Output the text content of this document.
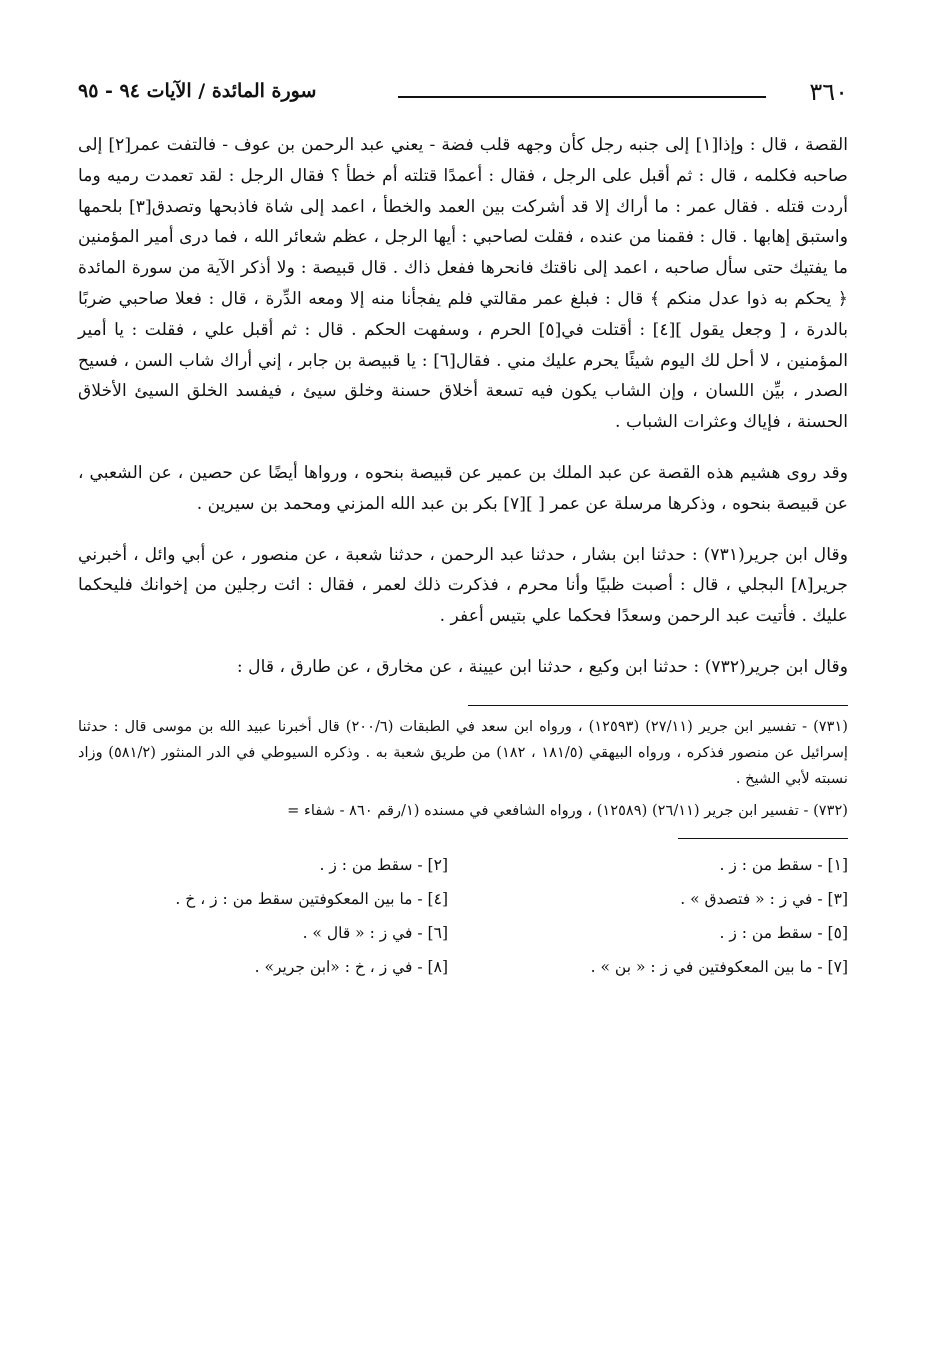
٣٦٠
سورة المائدة / الآيات ٩٤ - ٩٥

القصة ، قال : وإذا[١] إلى جنبه رجل كأن وجهه قلب فضة - يعني عبد الرحمن بن عوف - فالتفت عمر[٢] إلى صاحبه فكلمه ، قال : ثم أقبل على الرجل ، فقال : أعمدًا قتلته أم خطأ ؟ فقال الرجل : لقد تعمدت رميه وما أردت قتله . فقال عمر : ما أراك إلا قد أشركت بين العمد والخطأ ، اعمد إلى شاة فاذبحها وتصدق[٣] بلحمها واستبق إهابها . قال : فقمنا من عنده ، فقلت لصاحبي : أيها الرجل ، عظم شعائر الله ، فما درى أمير المؤمنين ما يفتيك حتى سأل صاحبه ، اعمد إلى ناقتك فانحرها ففعل ذاك . قال قبيصة : ولا أذكر الآية من سورة المائدة ﴿ يحكم به ذوا عدل منكم ﴾ قال : فبلغ عمر مقالتي فلم يفجأنا منه إلا ومعه الدِّرة ، قال : فعلا صاحبي ضربًا بالدرة ، [ وجعل يقول ][٤] : أقتلت في[٥] الحرم ، وسفهت الحكم . قال : ثم أقبل علي ، فقلت : يا أمير المؤمنين ، لا أحل لك اليوم شيئًا يحرم عليك مني . فقال[٦] : يا قبيصة بن جابر ، إني أراك شاب السن ، فسيح الصدر ، بيِّن اللسان ، وإن الشاب يكون فيه تسعة أخلاق حسنة وخلق سيئ ، فيفسد الخلق السيئ الأخلاق الحسنة ، فإياك وعثرات الشباب .

وقد روى هشيم هذه القصة عن عبد الملك بن عمير عن قبيصة بنحوه ، ورواها أيضًا عن حصين ، عن الشعبي ، عن قبيصة بنحوه ، وذكرها مرسلة عن عمر [ ][٧] بكر بن عبد الله المزني ومحمد بن سيرين .

وقال ابن جرير(٧٣١) : حدثنا ابن بشار ، حدثنا عبد الرحمن ، حدثنا شعبة ، عن منصور ، عن أبي وائل ، أخبرني جرير[٨] البجلي ، قال : أصبت ظبيًا وأنا محرم ، فذكرت ذلك لعمر ، فقال : ائت رجلين من إخوانك فليحكما عليك . فأتيت عبد الرحمن وسعدًا فحكما علي بتيس أعفر .

وقال ابن جرير(٧٣٢) : حدثنا ابن وكيع ، حدثنا ابن عيينة ، عن مخارق ، عن طارق ، قال :

(٧٣١) - تفسير ابن جرير (٢٧/١١) (١٢٥٩٣) ، ورواه ابن سعد في الطبقات (٢٠٠/٦) قال أخبرنا عبيد الله بن موسى قال : حدثنا إسرائيل عن منصور فذكره ، ورواه البيهقي (١٨١/٥ ، ١٨٢) من طريق شعبة به . وذكره السيوطي في الدر المنثور (٥٨١/٢) وزاد نسبته لأبي الشيخ .

(٧٣٢) - تفسير ابن جرير (٢٦/١١) (١٢٥٨٩) ، ورواه الشافعي في مسنده (١/رقم ٨٦٠ - شفاء =

[١] - سقط من : ز .
[٢] - سقط من : ز .
[٣] - في ز : « فتصدق » .
[٤] - ما بين المعكوفتين سقط من : ز ، خ .
[٥] - سقط من : ز .
[٦] - في ز : « قال » .
[٧] - ما بين المعكوفتين في ز : « بن » .
[٨] - في ز ، خ : «ابن جرير» .
